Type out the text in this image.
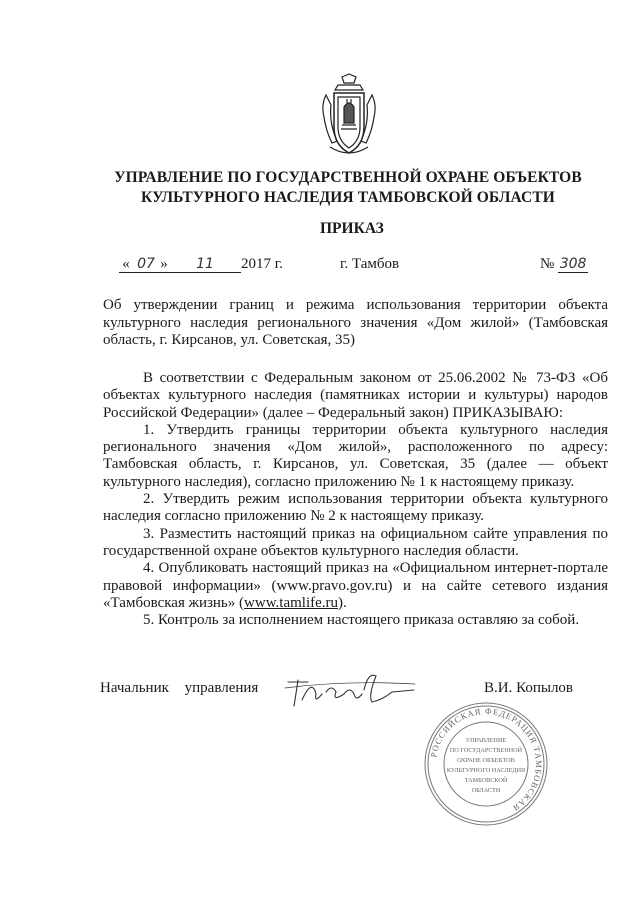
УПРАВЛЕНИЕ ПО ГОСУДАРСТВЕННОЙ ОХРАНЕ ОБЪЕКТОВ
КУЛЬТУРНОГО НАСЛЕДИЯ ТАМБОВСКОЙ ОБЛАСТИ
ПРИКАЗ
« 07 » 11 2017 г.	г. Тамбов	№ 308
Об утверждении границ и режима использования территории объекта культурного наследия регионального значения «Дом жилой» (Тамбовская область, г. Кирсанов, ул. Советская, 35)

В соответствии с Федеральным законом от 25.06.2002 № 73-ФЗ «Об объектах культурного наследия (памятниках истории и культуры) народов Российской Федерации» (далее – Федеральный закон) ПРИКАЗЫВАЮ:

1. Утвердить границы территории объекта культурного наследия регионального значения «Дом жилой», расположенного по адресу: Тамбовская область, г. Кирсанов, ул. Советская, 35 (далее — объект культурного наследия), согласно приложению № 1 к настоящему приказу.

2. Утвердить режим использования территории объекта культурного наследия согласно приложению № 2 к настоящему приказу.

3. Разместить настоящий приказ на официальном сайте управления по государственной охране объектов культурного наследия области.

4. Опубликовать настоящий приказ на «Официальном интернет-портале правовой информации» (www.pravo.gov.ru) и на сайте сетевого издания «Тамбовская жизнь» (www.tamlife.ru).

5. Контроль за исполнением настоящего приказа оставляю за собой.

Начальник управления	В.И. Копылов
РОССИЙСКАЯ ФЕДЕРАЦИЯ ТАМБОВСКАЯ
УПРАВЛЕНИЕ
ПО ГОСУДАРСТВЕННОЙ
ОХРАНЕ ОБЪЕКТОВ
КУЛЬТУРНОГО НАСЛЕДИЯ
ТАМБОВСКОЙ
ОБЛАСТИ
